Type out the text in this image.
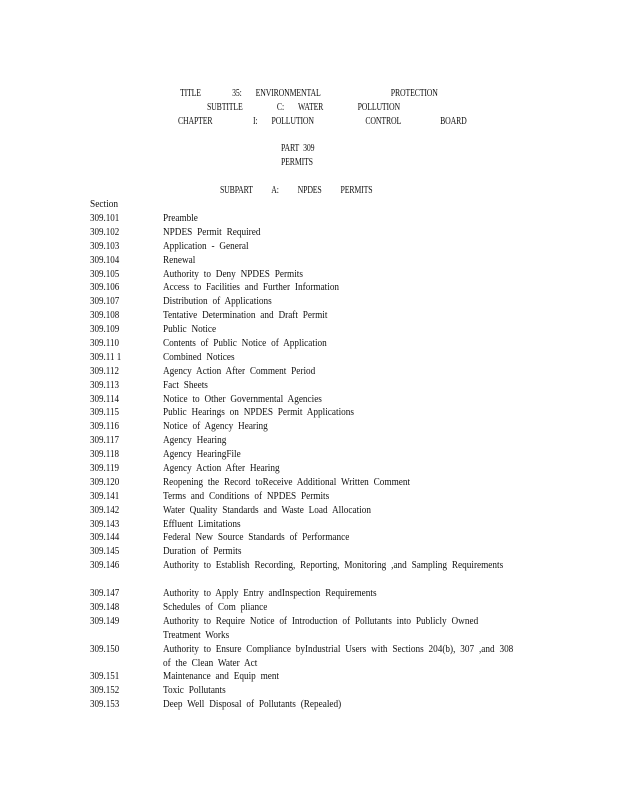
TITLE	35: ENVIRONMENTAL	PROTECTION
SUBTITLE	C: WATER	POLLUTION
CHAPTER	I: POLLUTION	CONTROL	BOARD
PART 309
PERMITS
SUBPART A: NPDES PERMITS
Section
309.101	Preamble
309.102	NPDES Permit Required
309.103	Application - General
309.104	Renewal
309.105	Authority to Deny NPDES Permits
309.106	Access to Facilities and Further Information
309.107	Distribution of Applications
309.108	Tentative Determination and Draft Permit
309.109	Public Notice
309.110	Contents of Public Notice of Application
309.11 1	Combined Notices
309.112	Agency Action After Comment Period
309.113	Fact Sheets
309.114	Notice to Other Governmental Agencies
309.115	Public Hearings on NPDES Permit Applications
309.116	Notice of Agency Hearing
309.117	Agency Hearing
309.118	Agency HearingFile
309.119	Agency Action After Hearing
309.120	Reopening the Record toReceive Additional Written Comment
309.141	Terms and Conditions of NPDES Permits
309.142	Water Quality Standards and Waste Load Allocation
309.143	Effluent Limitations
309.144	Federal New Source Standards of Performance
309.145	Duration of Permits
309.146	Authority to Establish Recording, Reporting, Monitoring ,and Sampling Requirements
309.147	Authority to Apply Entry andInspection Requirements
309.148	Schedules of Com pliance
309.149	Authority to Require Notice of Introduction of Pollutants into Publicly Owned Treatment Works
309.150	Authority to Ensure Compliance byIndustrial Users with Sections 204(b), 307 ,and 308 of the Clean Water Act
309.151	Maintenance and Equip ment
309.152	Toxic Pollutants
309.153	Deep Well Disposal of Pollutants (Repealed)
